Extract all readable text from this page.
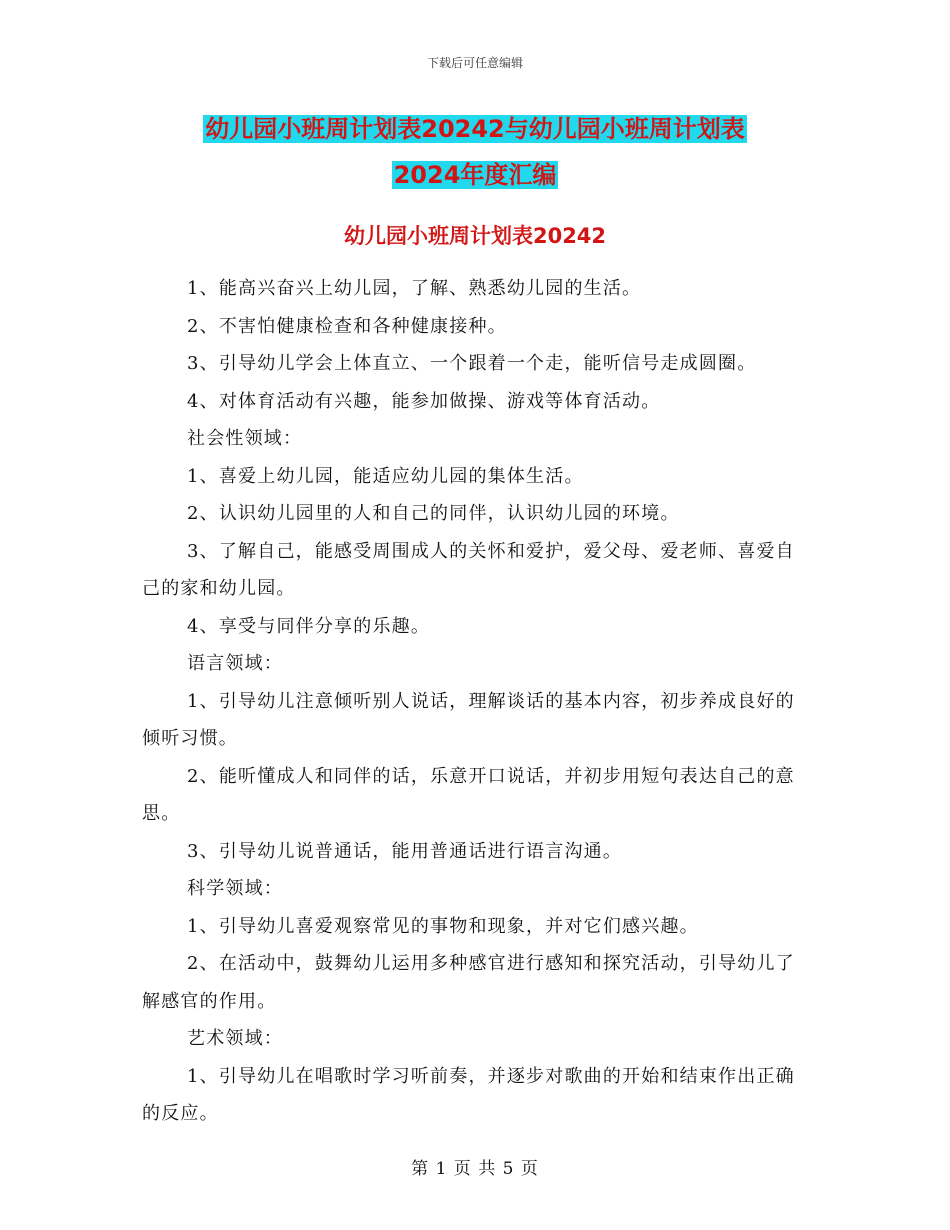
下载后可任意编辑
幼儿园小班周计划表20242与幼儿园小班周计划表
2024年度汇编
幼儿园小班周计划表20242

1、能高兴奋兴上幼儿园，了解、熟悉幼儿园的生活。

2、不害怕健康检查和各种健康接种。

3、引导幼儿学会上体直立、一个跟着一个走，能听信号走成圆圈。

4、对体育活动有兴趣，能参加做操、游戏等体育活动。

社会性领域：

1、喜爱上幼儿园，能适应幼儿园的集体生活。

2、认识幼儿园里的人和自己的同伴，认识幼儿园的环境。

3、了解自己，能感受周围成人的关怀和爱护，爱父母、爱老师、喜爱自己的家和幼儿园。

4、享受与同伴分享的乐趣。

语言领域：

1、引导幼儿注意倾听别人说话，理解谈话的基本内容，初步养成良好的倾听习惯。

2、能听懂成人和同伴的话，乐意开口说话，并初步用短句表达自己的意思。

3、引导幼儿说普通话，能用普通话进行语言沟通。

科学领域：

1、引导幼儿喜爱观察常见的事物和现象，并对它们感兴趣。

2、在活动中，鼓舞幼儿运用多种感官进行感知和探究活动，引导幼儿了解感官的作用。

艺术领域：

1、引导幼儿在唱歌时学习听前奏，并逐步对歌曲的开始和结束作出正确的反应。

第 1 页 共 5 页
